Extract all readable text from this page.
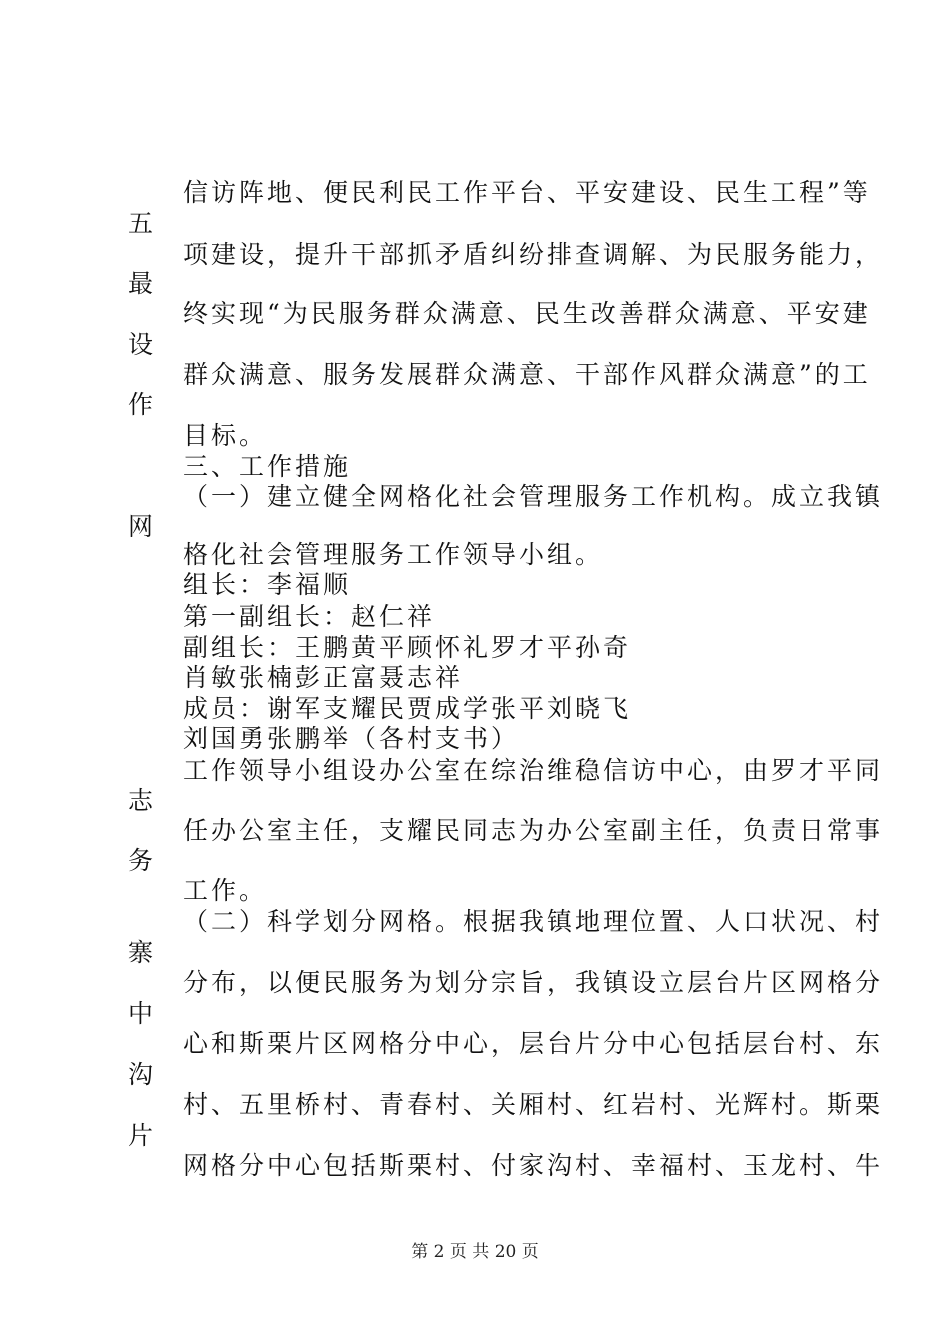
信访阵地、便民利民工作平台、平安建设、民生工程”等
五
项建设，提升干部抓矛盾纠纷排查调解、为民服务能力，
最
终实现“为民服务群众满意、民生改善群众满意、平安建
设
群众满意、服务发展群众满意、干部作风群众满意”的工
作
目标。
三、工作措施
（一）建立健全网格化社会管理服务工作机构。成立我镇
网
格化社会管理服务工作领导小组。
组长：李福顺
第一副组长：赵仁祥
副组长：王鹏黄平顾怀礼罗才平孙奇
肖敏张楠彭正富聂志祥
成员：谢军支耀民贾成学张平刘晓飞
刘国勇张鹏举（各村支书）
工作领导小组设办公室在综治维稳信访中心，由罗才平同
志
任办公室主任，支耀民同志为办公室副主任，负责日常事
务
工作。
（二）科学划分网格。根据我镇地理位置、人口状况、村
寨
分布，以便民服务为划分宗旨，我镇设立层台片区网格分
中
心和斯栗片区网格分中心，层台片分中心包括层台村、东
沟
村、五里桥村、青春村、关厢村、红岩村、光辉村。斯栗
片
网格分中心包括斯栗村、付家沟村、幸福村、玉龙村、牛
第 2 页 共 20 页
